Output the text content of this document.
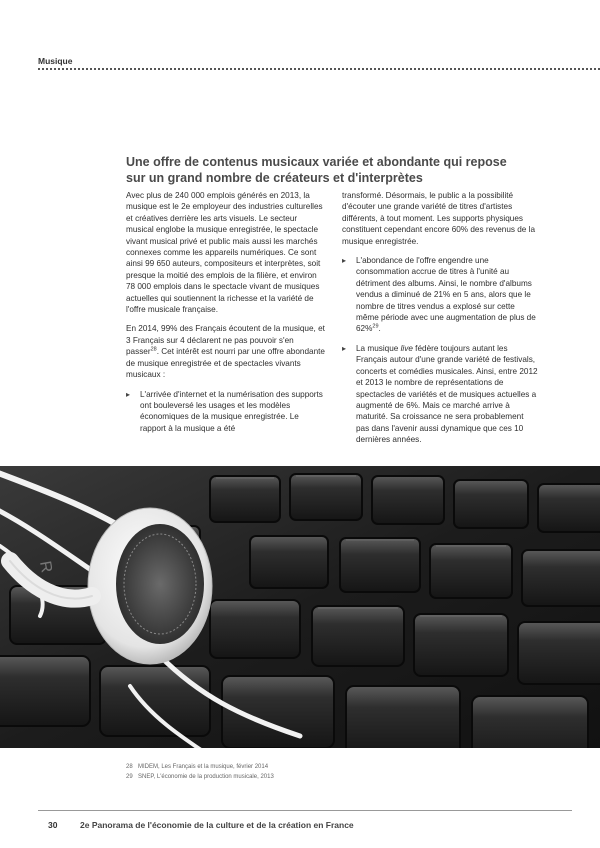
Musique
Une offre de contenus musicaux variée et abondante qui repose sur un grand nombre de créateurs et d'interprètes

Avec plus de 240 000 emplois générés en 2013, la musique est le 2e employeur des industries culturelles et créatives derrière les arts visuels. Le secteur musical englobe la musique enregistrée, le spectacle vivant musical privé et public mais aussi les marchés connexes comme les appareils numériques. Ce sont ainsi 99 650 auteurs, compositeurs et interprètes, soit presque la moitié des emplois de la filière, et environ 78 000 emplois dans le spectacle vivant de musiques actuelles qui soutiennent la richesse et la variété de l'offre musicale française.

En 2014, 99% des Français écoutent de la musique, et 3 Français sur 4 déclarent ne pas pouvoir s'en passer$^{28}$. Cet intérêt est nourri par une offre abondante de musique enregistrée et de spectacles vivants musicaux :

▸ L'arrivée d'internet et la numérisation des supports ont bouleversé les usages et les modèles économiques de la musique enregistrée. Le rapport à la musique a été

transformé. Désormais, le public a la possibilité d'écouter une grande variété de titres d'artistes différents, à tout moment. Les supports physiques constituent cependant encore 60% des revenus de la musique enregistrée.

▸ L'abondance de l'offre engendre une consommation accrue de titres à l'unité au détriment des albums. Ainsi, le nombre d'albums vendus a diminué de 21% en 5 ans, alors que le nombre de titres vendus a explosé sur cette même période avec une augmentation de plus de 62%$^{29}$.

▸ La musique live fédère toujours autant les Français autour d'une grande variété de festivals, concerts et comédies musicales. Ainsi, entre 2012 et 2013 le nombre de représentations de spectacles de variétés et de musiques actuelles a augmenté de 6%. Mais ce marché arrive à maturité. Sa croissance ne sera probablement pas dans l'avenir aussi dynamique que ces 10 dernières années.

R
28 MIDEM, Les Français et la musique, février 2014
29 SNEP, L'économie de la production musicale, 2013
30	2e Panorama de l'économie de la culture et de la création en France
